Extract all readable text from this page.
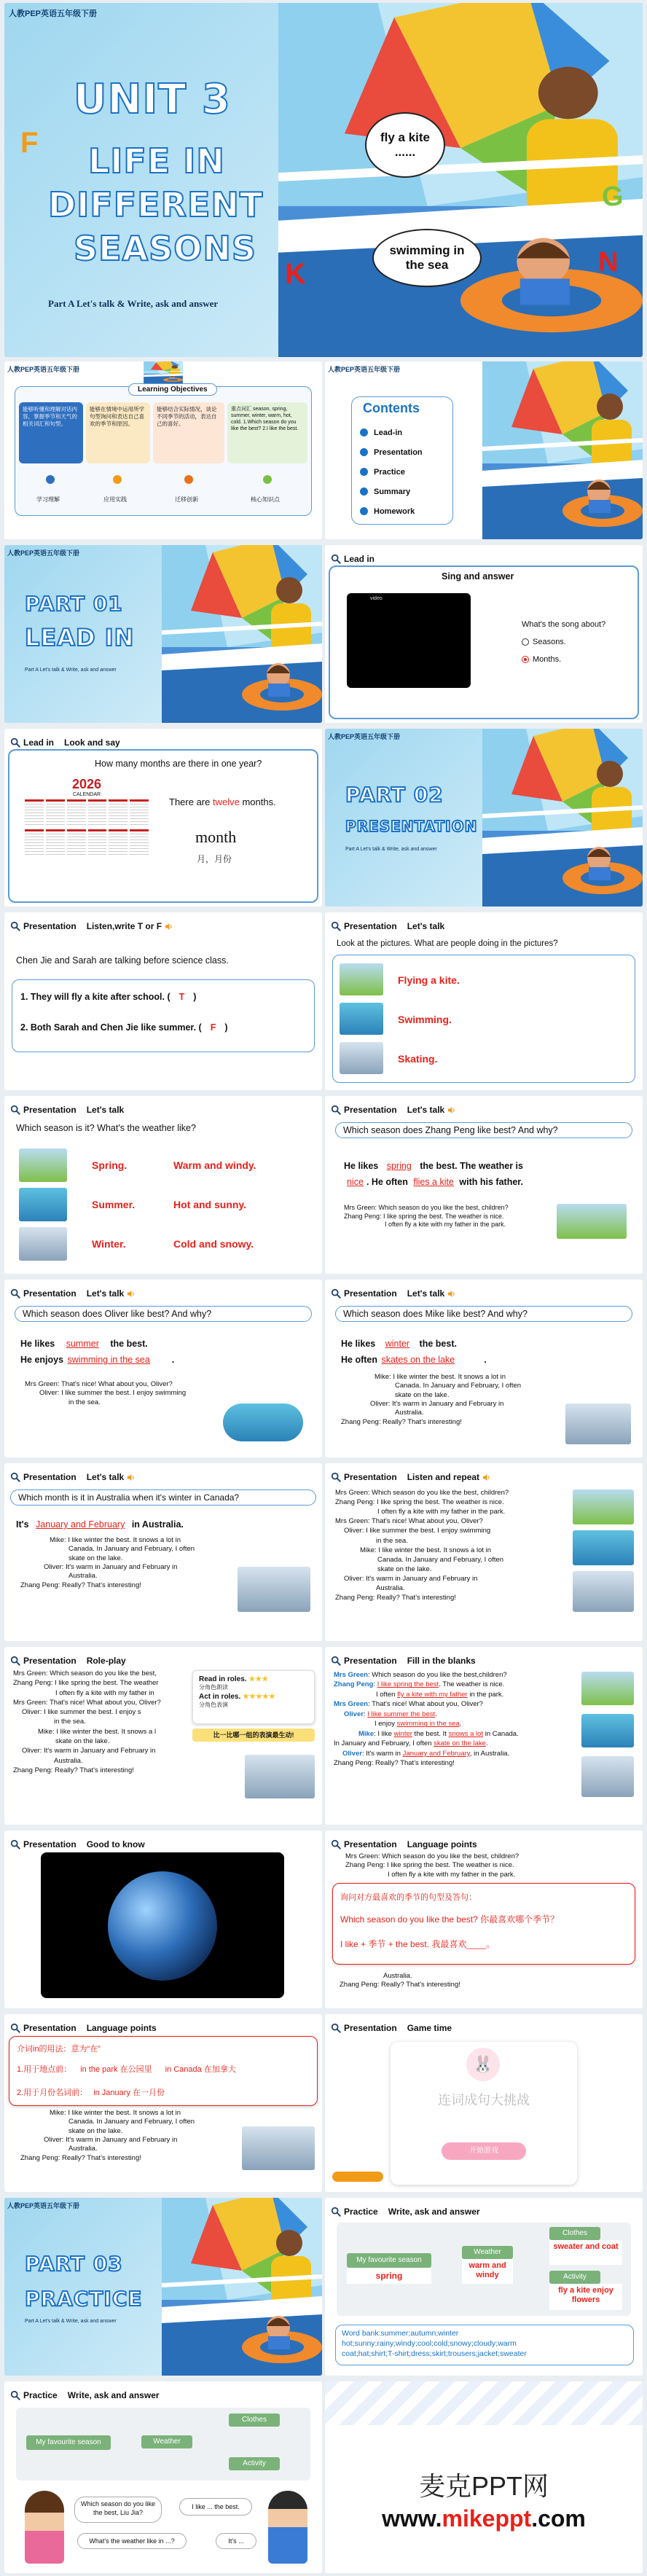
人教PEP英语五年级下册
UNIT 3
LIFE IN
DIFFERENT
SEASONS
Part A Let's talk & Write, ask and answer
F
K
G
N
fly a kite ......
swimming in the sea
人教PEP英语五年级下册
Learning Objectives
能够听懂和理解对话内容，掌握季节和天气的相关词汇和句型。
能够在情境中运用所学句型询问和表达自己喜欢的季节和原因。
能够结合实际情况，谈论不同季节的活动，表达自己的喜好。
重点词汇 season, spring, summer, winter, warm, hot, cold. 1.Which season do you like the best? 2.I like the best.
学习理解	应用实践	迁移创新	核心知识点
人教PEP英语五年级下册
Contents
Lead-in
Presentation
Practice
Summary
Homework
人教PEP英语五年级下册
PART 01
LEAD IN
Part A Let's talk & Write, ask and answer
Lead in
Sing and answer
video
What's the song about?
Seasons.
Months.
Lead in Look and say
How many months are there in one year?
2026
CALENDAR
There are twelve months.
month
月，月份
人教PEP英语五年级下册
PART 02
PRESENTATION
Part A Let's talk & Write, ask and answer
Presentation Listen,write T or F
Chen Jie and Sarah are talking before science class.
1. They will fly a kite after school. ( T )
2. Both Sarah and Chen Jie like summer. ( F )
Presentation Let's talk
Look at the pictures. What are people doing in the pictures?
Flying a kite.
Swimming.
Skating.
Presentation Let's talk
Which season is it? What's the weather like?
Spring.	Warm and windy.
Summer.	Hot and sunny.
Winter.	Cold and snowy.
Presentation Let's talk
Which season does Zhang Peng like best? And why?
He likes spring the best. The weather is
nice . He often flies a kite with his father.

Mrs Green: Which season do you like the best, children?

Zhang Peng: I like spring the best. The weather is nice.

I often fly a kite with my father in the park.

Presentation Let's talk
Which season does Oliver like best? And why?
He likes summer the best.
He enjoys swimming in the sea .

Mrs Green: That's nice! What about you, Oliver?

Oliver: I like summer the best. I enjoy swimming

in the sea.

Presentation Let's talk
Which season does Mike like best? And why?
He likes winter the best.
He often skates on the lake	.

Mike: I like winter the best. It snows a lot in

Canada. In January and February, I often

skate on the lake.

Oliver: It's warm in January and February in

Australia.

Zhang Peng: Really? That's interesting!

Presentation Let's talk
Which month is it in Australia when it's winter in Canada?
It's January and February in Australia.

Mike: I like winter the best. It snows a lot in

Canada. In January and February, I often

skate on the lake.

Oliver: It's warm in January and February in

Australia.

Zhang Peng: Really? That's interesting!

Presentation Listen and repeat

Mrs Green: Which season do you like the best, children?

Zhang Peng: I like spring the best. The weather is nice.

I often fly a kite with my father in the park.

Mrs Green: That's nice! What about you, Oliver?

Oliver: I like summer the best. I enjoy swimming

in the sea.

Mike: I like winter the best. It snows a lot in

Canada. In January and February, I often

skate on the lake.

Oliver: It's warm in January and February in

Australia.

Zhang Peng: Really? That's interesting!

Presentation Role-play

Mrs Green: Which season do you like the best,

Zhang Peng: I like spring the best. The weather

I often fly a kite with my father in

Mrs Green: That's nice! What about you, Oliver?

Oliver: I like summer the best. I enjoy s

in the sea.

Mike: I like winter the best. It snows a l

skate on the lake.

Oliver: It's warm in January and February in

Australia.

Zhang Peng: Really? That's interesting!

Read in roles. ★★★
分角色朗读
Act in roles. ★★★★★
分角色表演
比一比哪一组的表演最生动!
Presentation Fill in the blanks

Mrs Green: Which season do you like the best,children?

Zhang Peng: I like spring the best. The weather is nice.

I often fly a kite with my father in the park.

Mrs Green: That's nice! What about you, Oliver?

Oliver: I like summer the best.

I enjoy swimming in the sea.

Mike: I like winter the best. It snows a lot in Canada.

In January and February, I often skate on the lake.

Oliver: It's warm in January and February, in Australia.

Zhang Peng: Really? That's interesting!

Presentation Good to know	Presentation Language points

Mrs Green: Which season do you like the best, children?

Zhang Peng: I like spring the best. The weather is nice.

I often fly a kite with my father in the park.

询问对方最喜欢的季节的句型及答句：
Which season do you like the best? 你最喜欢哪个季节？
I like + 季节 + the best. 我最喜欢____。

Australia.

Zhang Peng: Really? That's interesting!

Presentation Language points
介词in的用法：意为“在”
1.用于地点前： in the park 在公园里 in Canada 在加拿大
2.用于月份名词前： in January 在一月份

Mike: I like winter the best. It snows a lot in

Canada. In January and February, I often

skate on the lake.

Oliver: It's warm in January and February in

Australia.

Zhang Peng: Really? That's interesting!

Presentation Game time
🐰
连词成句大挑战
开始游戏
人教PEP英语五年级下册
PART 03
PRACTICE
Part A Let's talk & Write, ask and answer
Practice Write, ask and answer
My favourite season
Weather
Clothes
Activity
spring
warm and windy
sweater and coat
fly a kite enjoy flowers
Word bank:summer;autumn;winter
hot;sunny;rainy;windy;cool;cold;snowy;cloudy;warm
coat;hat;shirt;T-shirt;dress;skirt;trousers;jacket;sweater
Practice Write, ask and answer
My favourite season	Weather
Clothes
Activity
Which season do you like the best, Liu Jia?
I like ... the best.
What's the weather like in ...?	It's ...
麦克PPT网
www.mikeppt.com
